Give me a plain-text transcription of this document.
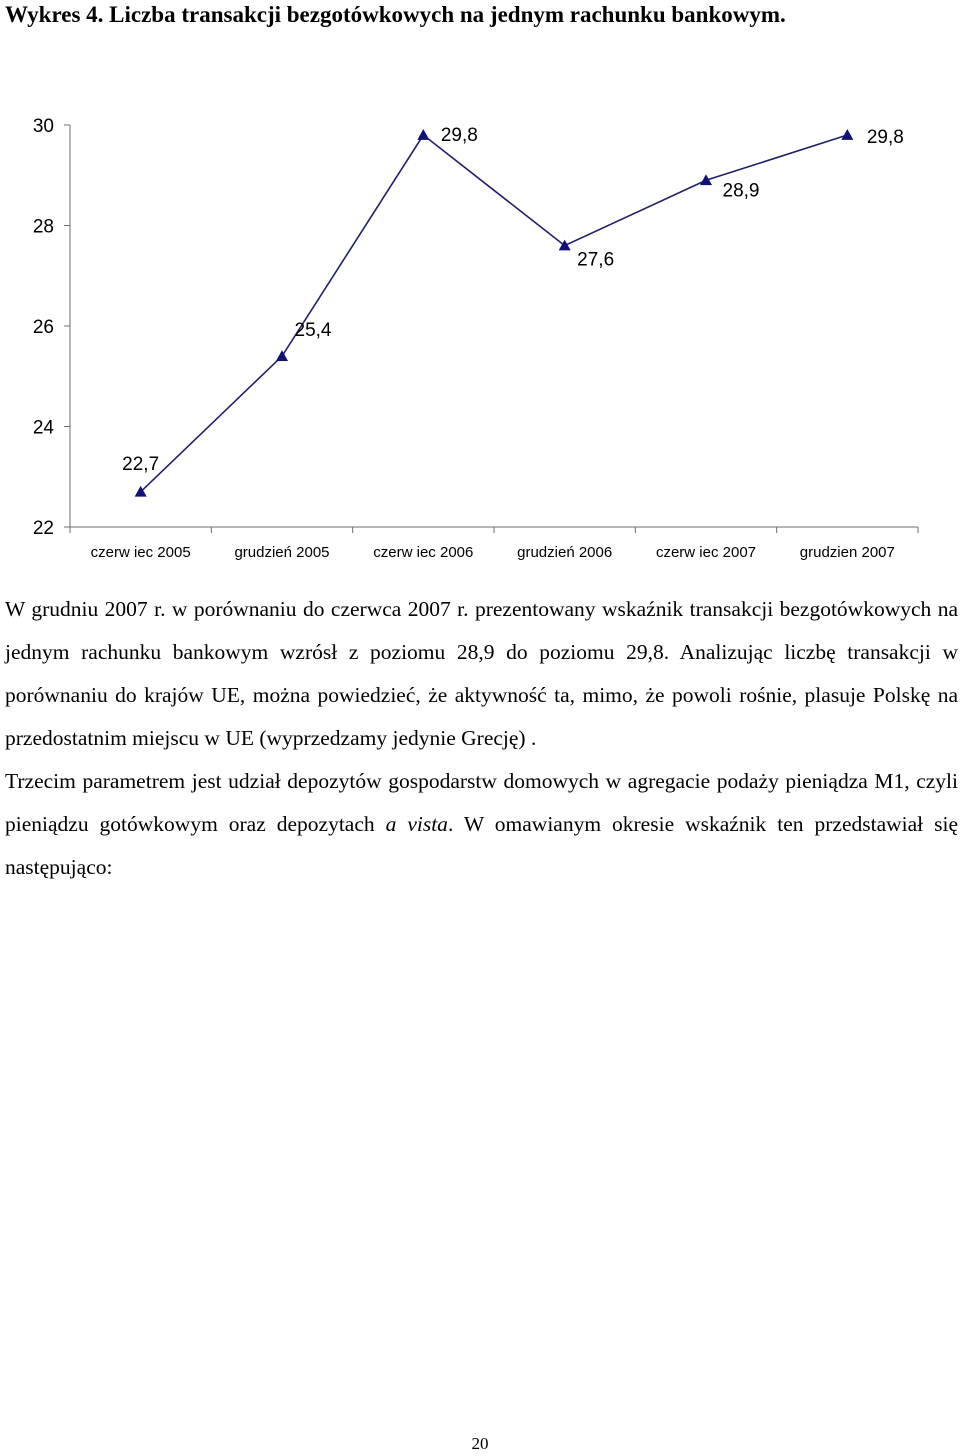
Wykres 4. Liczba transakcji bezgotówkowych na jednym rachunku bankowym.
22
24
26
28
30
czerw iec 2005	grudzień 2005	czerw iec 2006	grudzień 2006	czerw iec 2007	grudzien 2007
22,7
25,4
29,8
27,6
28,9
29,8

W grudniu 2007 r. w porównaniu do czerwca 2007 r. prezentowany wskaźnik transakcji bezgotówkowych na jednym rachunku bankowym wzrósł z poziomu 28,9 do poziomu 29,8. Analizując liczbę transakcji w porównaniu do krajów UE, można powiedzieć, że aktywność ta, mimo, że powoli rośnie, plasuje Polskę na przedostatnim miejscu w UE (wyprzedzamy jedynie Grecję) .

Trzecim parametrem jest udział depozytów gospodarstw domowych w agregacie podaży pieniądza M1, czyli pieniądzu gotówkowym oraz depozytach a vista. W omawianym okresie wskaźnik ten przedstawiał się następująco:

20
